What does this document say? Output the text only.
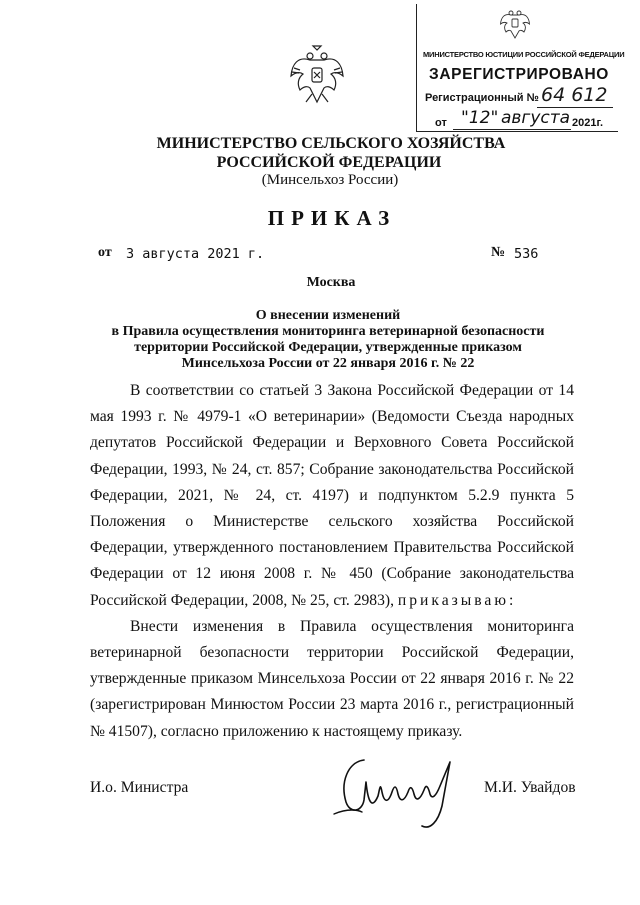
МИНИСТЕРСТВО ЮСТИЦИИ РОССИЙСКОЙ ФЕДЕРАЦИИ
ЗАРЕГИСТРИРОВАНО
Регистрационный № 64 612
от "12" августа 2021г.
МИНИСТЕРСТВО СЕЛЬСКОГО ХОЗЯЙСТВА
РОССИЙСКОЙ ФЕДЕРАЦИИ
(Минсельхоз России)
ПРИКАЗ
от 3 августа 2021 г.	№ 536
Москва
О внесении изменений
в Правила осуществления мониторинга ветеринарной безопасности
территории Российской Федерации, утвержденные приказом
Минсельхоза России от 22 января 2016 г. № 22

В соответствии со статьей 3 Закона Российской Федерации от 14 мая 1993 г. № 4979-1 «О ветеринарии» (Ведомости Съезда народных депутатов Российской Федерации и Верховного Совета Российской Федерации, 1993, № 24, ст. 857; Собрание законодательства Российской Федерации, 2021, № 24, ст. 4197) и подпунктом 5.2.9 пункта 5 Положения о Министерстве сельского хозяйства Российской Федерации, утвержденного постановлением Правительства Российской Федерации от 12 июня 2008 г. № 450 (Собрание законодательства Российской Федерации, 2008, № 25, ст. 2983), приказываю:

Внести изменения в Правила осуществления мониторинга ветеринарной безопасности территории Российской Федерации, утвержденные приказом Минсельхоза России от 22 января 2016 г. № 22 (зарегистрирован Минюстом России 23 марта 2016 г., регистрационный № 41507), согласно приложению к настоящему приказу.

И.о. Министра	М.И. Увайдов
